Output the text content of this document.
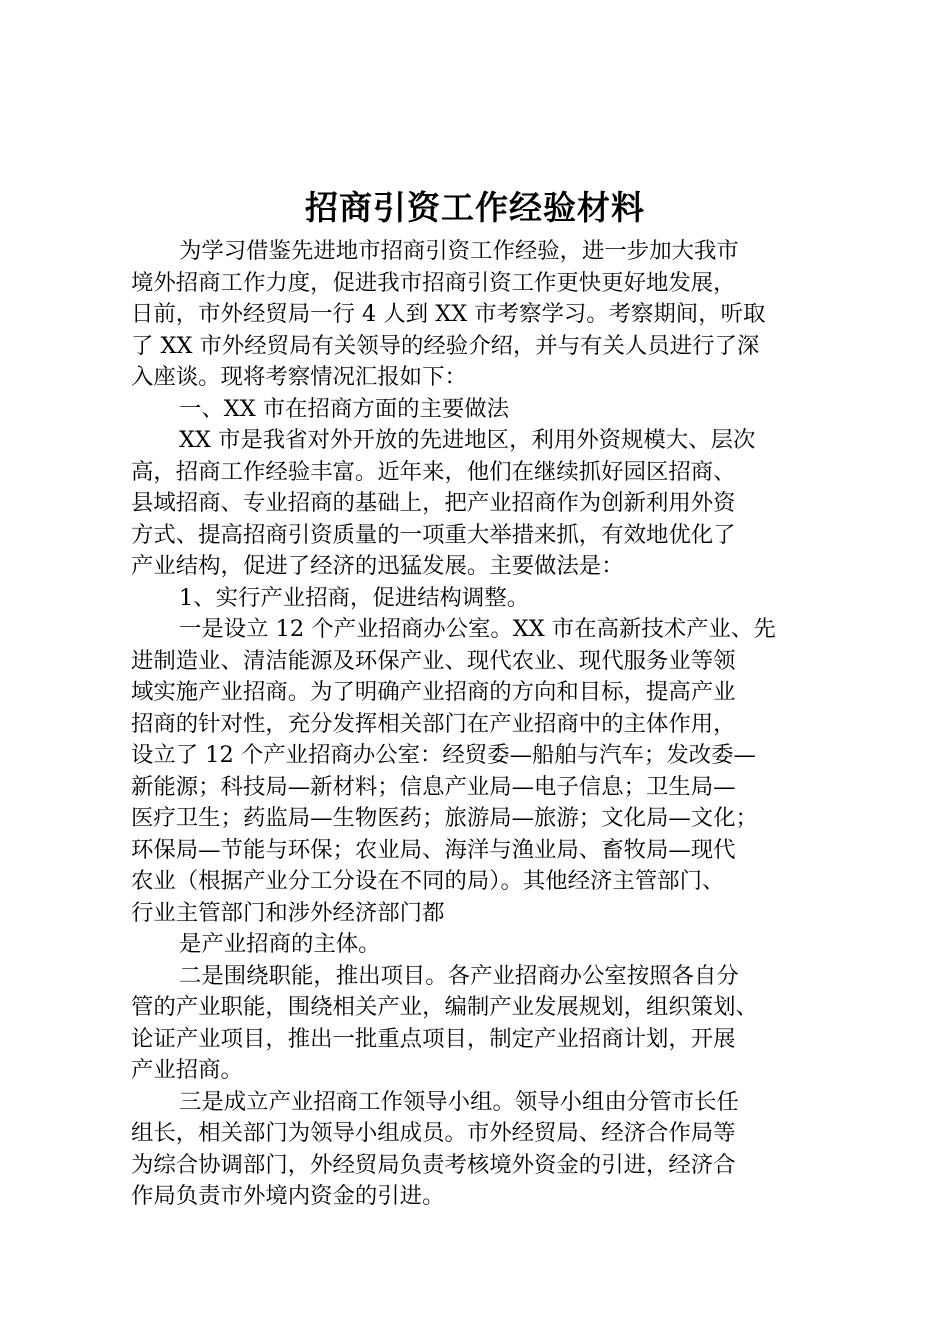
招商引资工作经验材料
为学习借鉴先进地市招商引资工作经验，进一步加大我市
境外招商工作力度，促进我市招商引资工作更快更好地发展，
日前，市外经贸局一行 4 人到 XX 市考察学习。考察期间，听取
了 XX 市外经贸局有关领导的经验介绍，并与有关人员进行了深
入座谈。现将考察情况汇报如下：
一、XX 市在招商方面的主要做法
XX 市是我省对外开放的先进地区，利用外资规模大、层次
高，招商工作经验丰富。近年来，他们在继续抓好园区招商、
县域招商、专业招商的基础上，把产业招商作为创新利用外资
方式、提高招商引资质量的一项重大举措来抓，有效地优化了
产业结构，促进了经济的迅猛发展。主要做法是：
1、实行产业招商，促进结构调整。
一是设立 12 个产业招商办公室。XX 市在高新技术产业、先
进制造业、清洁能源及环保产业、现代农业、现代服务业等领
域实施产业招商。为了明确产业招商的方向和目标，提高产业
招商的针对性，充分发挥相关部门在产业招商中的主体作用，
设立了 12 个产业招商办公室：经贸委—船舶与汽车；发改委—
新能源；科技局—新材料；信息产业局—电子信息；卫生局—
医疗卫生；药监局—生物医药；旅游局—旅游；文化局—文化；
环保局—节能与环保；农业局、海洋与渔业局、畜牧局—现代
农业（根据产业分工分设在不同的局）。其他经济主管部门、
行业主管部门和涉外经济部门都
是产业招商的主体。
二是围绕职能，推出项目。各产业招商办公室按照各自分
管的产业职能，围绕相关产业，编制产业发展规划，组织策划、
论证产业项目，推出一批重点项目，制定产业招商计划，开展
产业招商。
三是成立产业招商工作领导小组。领导小组由分管市长任
组长，相关部门为领导小组成员。市外经贸局、经济合作局等
为综合协调部门，外经贸局负责考核境外资金的引进，经济合
作局负责市外境内资金的引进。
